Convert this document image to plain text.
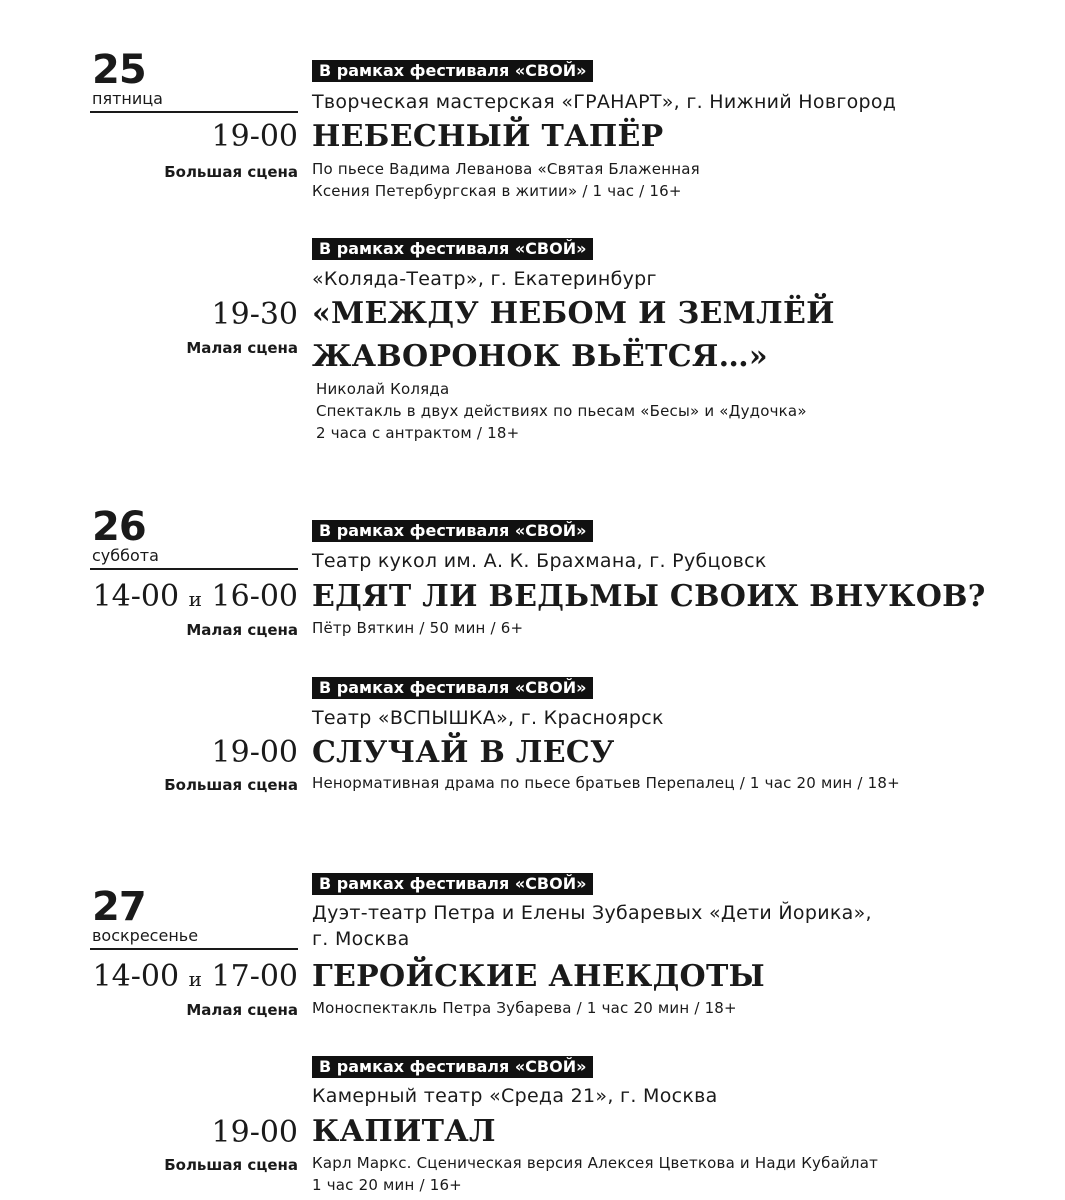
25
пятница
В рамках фестиваля «СВОЙ»
Творческая мастерская «ГРАНАРТ», г. Нижний Новгород
19-00 НЕБЕСНЫЙ ТАПЁР
Большая сцена По пьесе Вадима Леванова «Святая Блаженная
Ксения Петербургская в житии» / 1 час / 16+
В рамках фестиваля «СВОЙ»
«Коляда-Театр», г. Екатеринбург
19-30 «МЕЖДУ НЕБОМ И ЗЕМЛЁЙ
ЖАВОРОНОК ВЬЁТСЯ…»
Малая сцена
Николай Коляда
Спектакль в двух действиях по пьесам «Бесы» и «Дудочка»
2 часа с антрактом / 18+
26
суббота
В рамках фестиваля «СВОЙ»
Театр кукол им. А. К. Брахмана, г. Рубцовск
14-00 и 16-00 ЕДЯТ ЛИ ВЕДЬМЫ СВОИХ ВНУКОВ?
Малая сцена Пётр Вяткин / 50 мин / 6+
В рамках фестиваля «СВОЙ»
Театр «ВСПЫШКА», г. Красноярск
19-00 СЛУЧАЙ В ЛЕСУ
Большая сцена Ненормативная драма по пьесе братьев Перепалец / 1 час 20 мин / 18+
27
воскресенье
В рамках фестиваля «СВОЙ»
Дуэт-театр Петра и Елены Зубаревых «Дети Йорика»,
г. Москва
14-00 и 17-00 ГЕРОЙСКИЕ АНЕКДОТЫ
Малая сцена Моноспектакль Петра Зубарева / 1 час 20 мин / 18+
В рамках фестиваля «СВОЙ»
Камерный театр «Среда 21», г. Москва
19-00 КАПИТАЛ
Большая сцена Карл Маркс. Сценическая версия Алексея Цветкова и Нади Кубайлат
1 час 20 мин / 16+
